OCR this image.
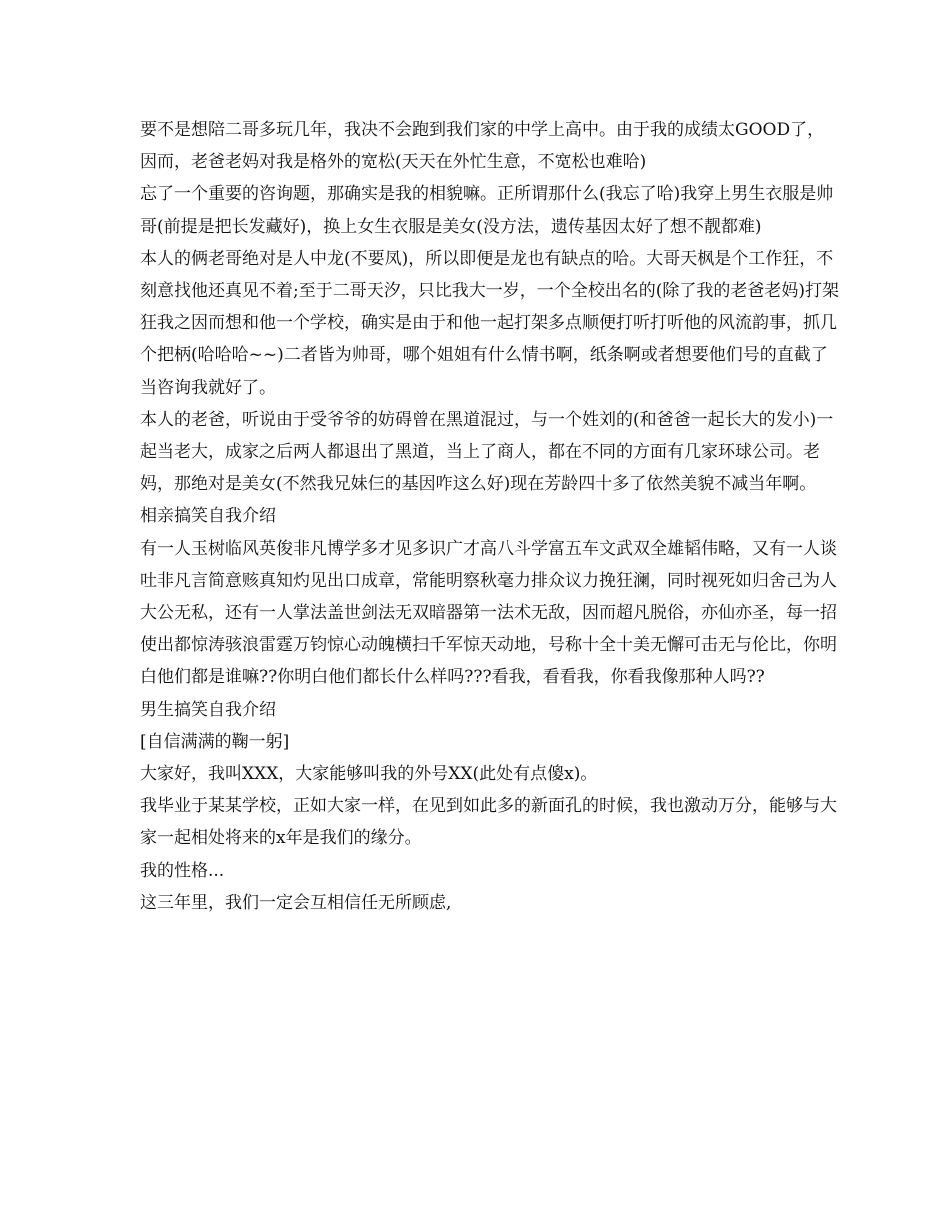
要不是想陪二哥多玩几年，我决不会跑到我们家的中学上高中。由于我的成绩太GOOD了，因而，老爸老妈对我是格外的宽松(天天在外忙生意，不宽松也难哈)

忘了一个重要的咨询题，那确实是我的相貌嘛。正所谓那什么(我忘了哈)我穿上男生衣服是帅哥(前提是把长发藏好)，换上女生衣服是美女(没方法，遗传基因太好了想不靓都难)

本人的俩老哥绝对是人中龙(不要凤)，所以即便是龙也有缺点的哈。大哥天枫是个工作狂，不刻意找他还真见不着;至于二哥天汐，只比我大一岁，一个全校出名的(除了我的老爸老妈)打架狂我之因而想和他一个学校，确实是由于和他一起打架多点顺便打听打听他的风流韵事，抓几个把柄(哈哈哈~~)二者皆为帅哥，哪个姐姐有什么情书啊，纸条啊或者想要他们号的直截了当咨询我就好了。

本人的老爸，听说由于受爷爷的妨碍曾在黑道混过，与一个姓刘的(和爸爸一起长大的发小)一起当老大，成家之后两人都退出了黑道，当上了商人，都在不同的方面有几家环球公司。老妈，那绝对是美女(不然我兄妹仨的基因咋这么好)现在芳龄四十多了依然美貌不减当年啊。

相亲搞笑自我介绍

有一人玉树临风英俊非凡博学多才见多识广才高八斗学富五车文武双全雄韬伟略，又有一人谈吐非凡言简意赅真知灼见出口成章，常能明察秋毫力排众议力挽狂澜，同时视死如归舍己为人大公无私，还有一人掌法盖世剑法无双暗器第一法术无敌，因而超凡脱俗，亦仙亦圣，每一招使出都惊涛骇浪雷霆万钧惊心动魄横扫千军惊天动地，号称十全十美无懈可击无与伦比，你明白他们都是谁嘛??你明白他们都长什么样吗???看我，看看我，你看我像那种人吗??

男生搞笑自我介绍

[自信满满的鞠一躬]

大家好，我叫XXX，大家能够叫我的外号XX(此处有点傻x)。

我毕业于某某学校，正如大家一样，在见到如此多的新面孔的时候，我也激动万分，能够与大家一起相处将来的x年是我们的缘分。

我的性格...

这三年里，我们一定会互相信任无所顾虑,
